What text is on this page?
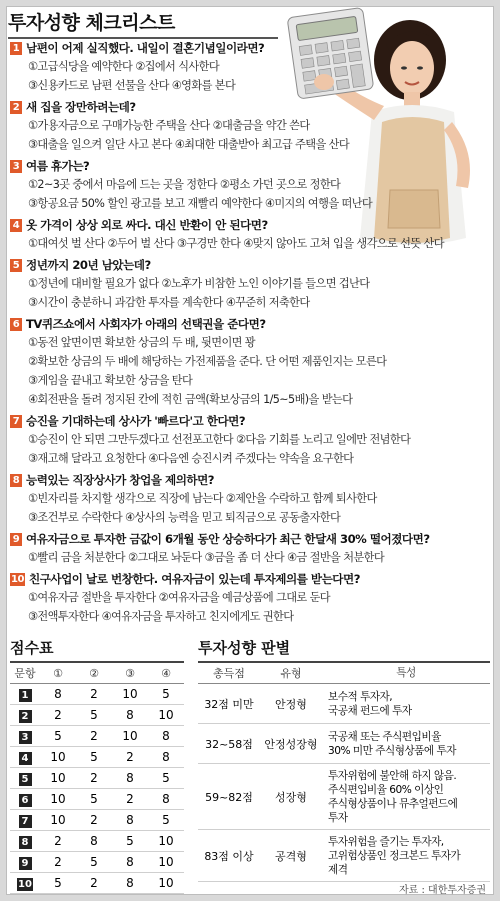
투자성향 체크리스트
1 남편이 어제 실직했다. 내일이 결혼기념일이라면?
①고급식당을 예약한다 ②집에서 식사한다
③신용카드로 남편 선물을 산다 ④영화를 본다
2 새 집을 장만하려는데?
①가용자금으로 구매가능한 주택을 산다 ②대출금을 약간 쓴다
③대출을 일으켜 일단 사고 본다 ④최대한 대출받아 최고급 주택을 산다
3 여름 휴가는?
①2~3곳 중에서 마음에 드는 곳을 정한다 ②평소 가던 곳으로 정한다
③항공요금 50% 할인 광고를 보고 재빨리 예약한다 ④미지의 여행을 떠난다
4 옷 가격이 상상 외로 싸다. 대신 반환이 안 된다면?
①대여섯 벌 산다 ②두어 벌 산다 ③구경만 한다 ④맞지 않아도 고쳐 입을 생각으로 선뜻 산다
5 정년까지 20년 남았는데?
①정년에 대비할 필요가 없다 ②노후가 비참한 노인 이야기를 들으면 겁난다
③시간이 충분하니 과감한 투자를 계속한다 ④꾸준히 저축한다
6 TV퀴즈쇼에서 사회자가 아래의 선택권을 준다면?
①동전 앞면이면 확보한 상금의 두 배, 뒷면이면 꽝
②확보한 상금의 두 배에 해당하는 가전제품을 준다. 단 어떤 제품인지는 모른다
③게임을 끝내고 확보한 상금을 탄다
④회전판을 돌려 정지된 칸에 적힌 금액(확보상금의 1/5~5배)을 받는다
7 승진을 기대하는데 상사가 '빠르다'고 한다면?
①승진이 안 되면 그만두겠다고 선전포고한다 ②다음 기회를 노리고 일에만 전념한다
③재고해 달라고 요청한다 ④다음엔 승진시켜 주겠다는 약속을 요구한다
8 능력있는 직장상사가 창업을 제의하면?
①빈자리를 차지할 생각으로 직장에 남는다 ②제안을 수락하고 함께 퇴사한다
③조건부로 수락한다 ④상사의 능력을 믿고 퇴직금으로 공동출자한다
9 여유자금으로 투자한 금값이 6개월 동안 상승하다가 최근 한달새 30% 떨어졌다면?
①빨리 금을 처분한다 ②그대로 놔둔다 ③금을 좀 더 산다 ④금 절반을 처분한다
10 친구사업이 날로 번창한다. 여유자금이 있는데 투자제의를 받는다면?
①여유자금 절반을 투자한다 ②여유자금을 예금상품에 그대로 둔다
③전액투자한다 ④여유자금을 투자하고 친지에게도 권한다
점수표
문항	①	②	③	④
1	8	2	10	5
2	2	5	8	10
3	5	2	10	8
4	10	5	2	8
5	10	2	8	5
6	10	5	2	8
7	10	2	8	5
8	2	8	5	10
9	2	5	8	10
10	5	2	8	10
투자성향 판별
총득점	유형	특성
32점 미만	안정형	보수적 투자자,
국공채 펀드에 투자

32~58점	안정성장형	국공채 또는 주식편입비율
30% 미만 주식형상품에 투자

59~82점	성장형	투자위험에 불안해 하지 않음.
주식편입비율 60% 이상인
주식형상품이나 뮤추얼펀드에
투자

83점 이상	공격형	투자위험을 즐기는 투자자,
고위험상품인 정크본드 투자가
제격
자료 : 대한투자증권
